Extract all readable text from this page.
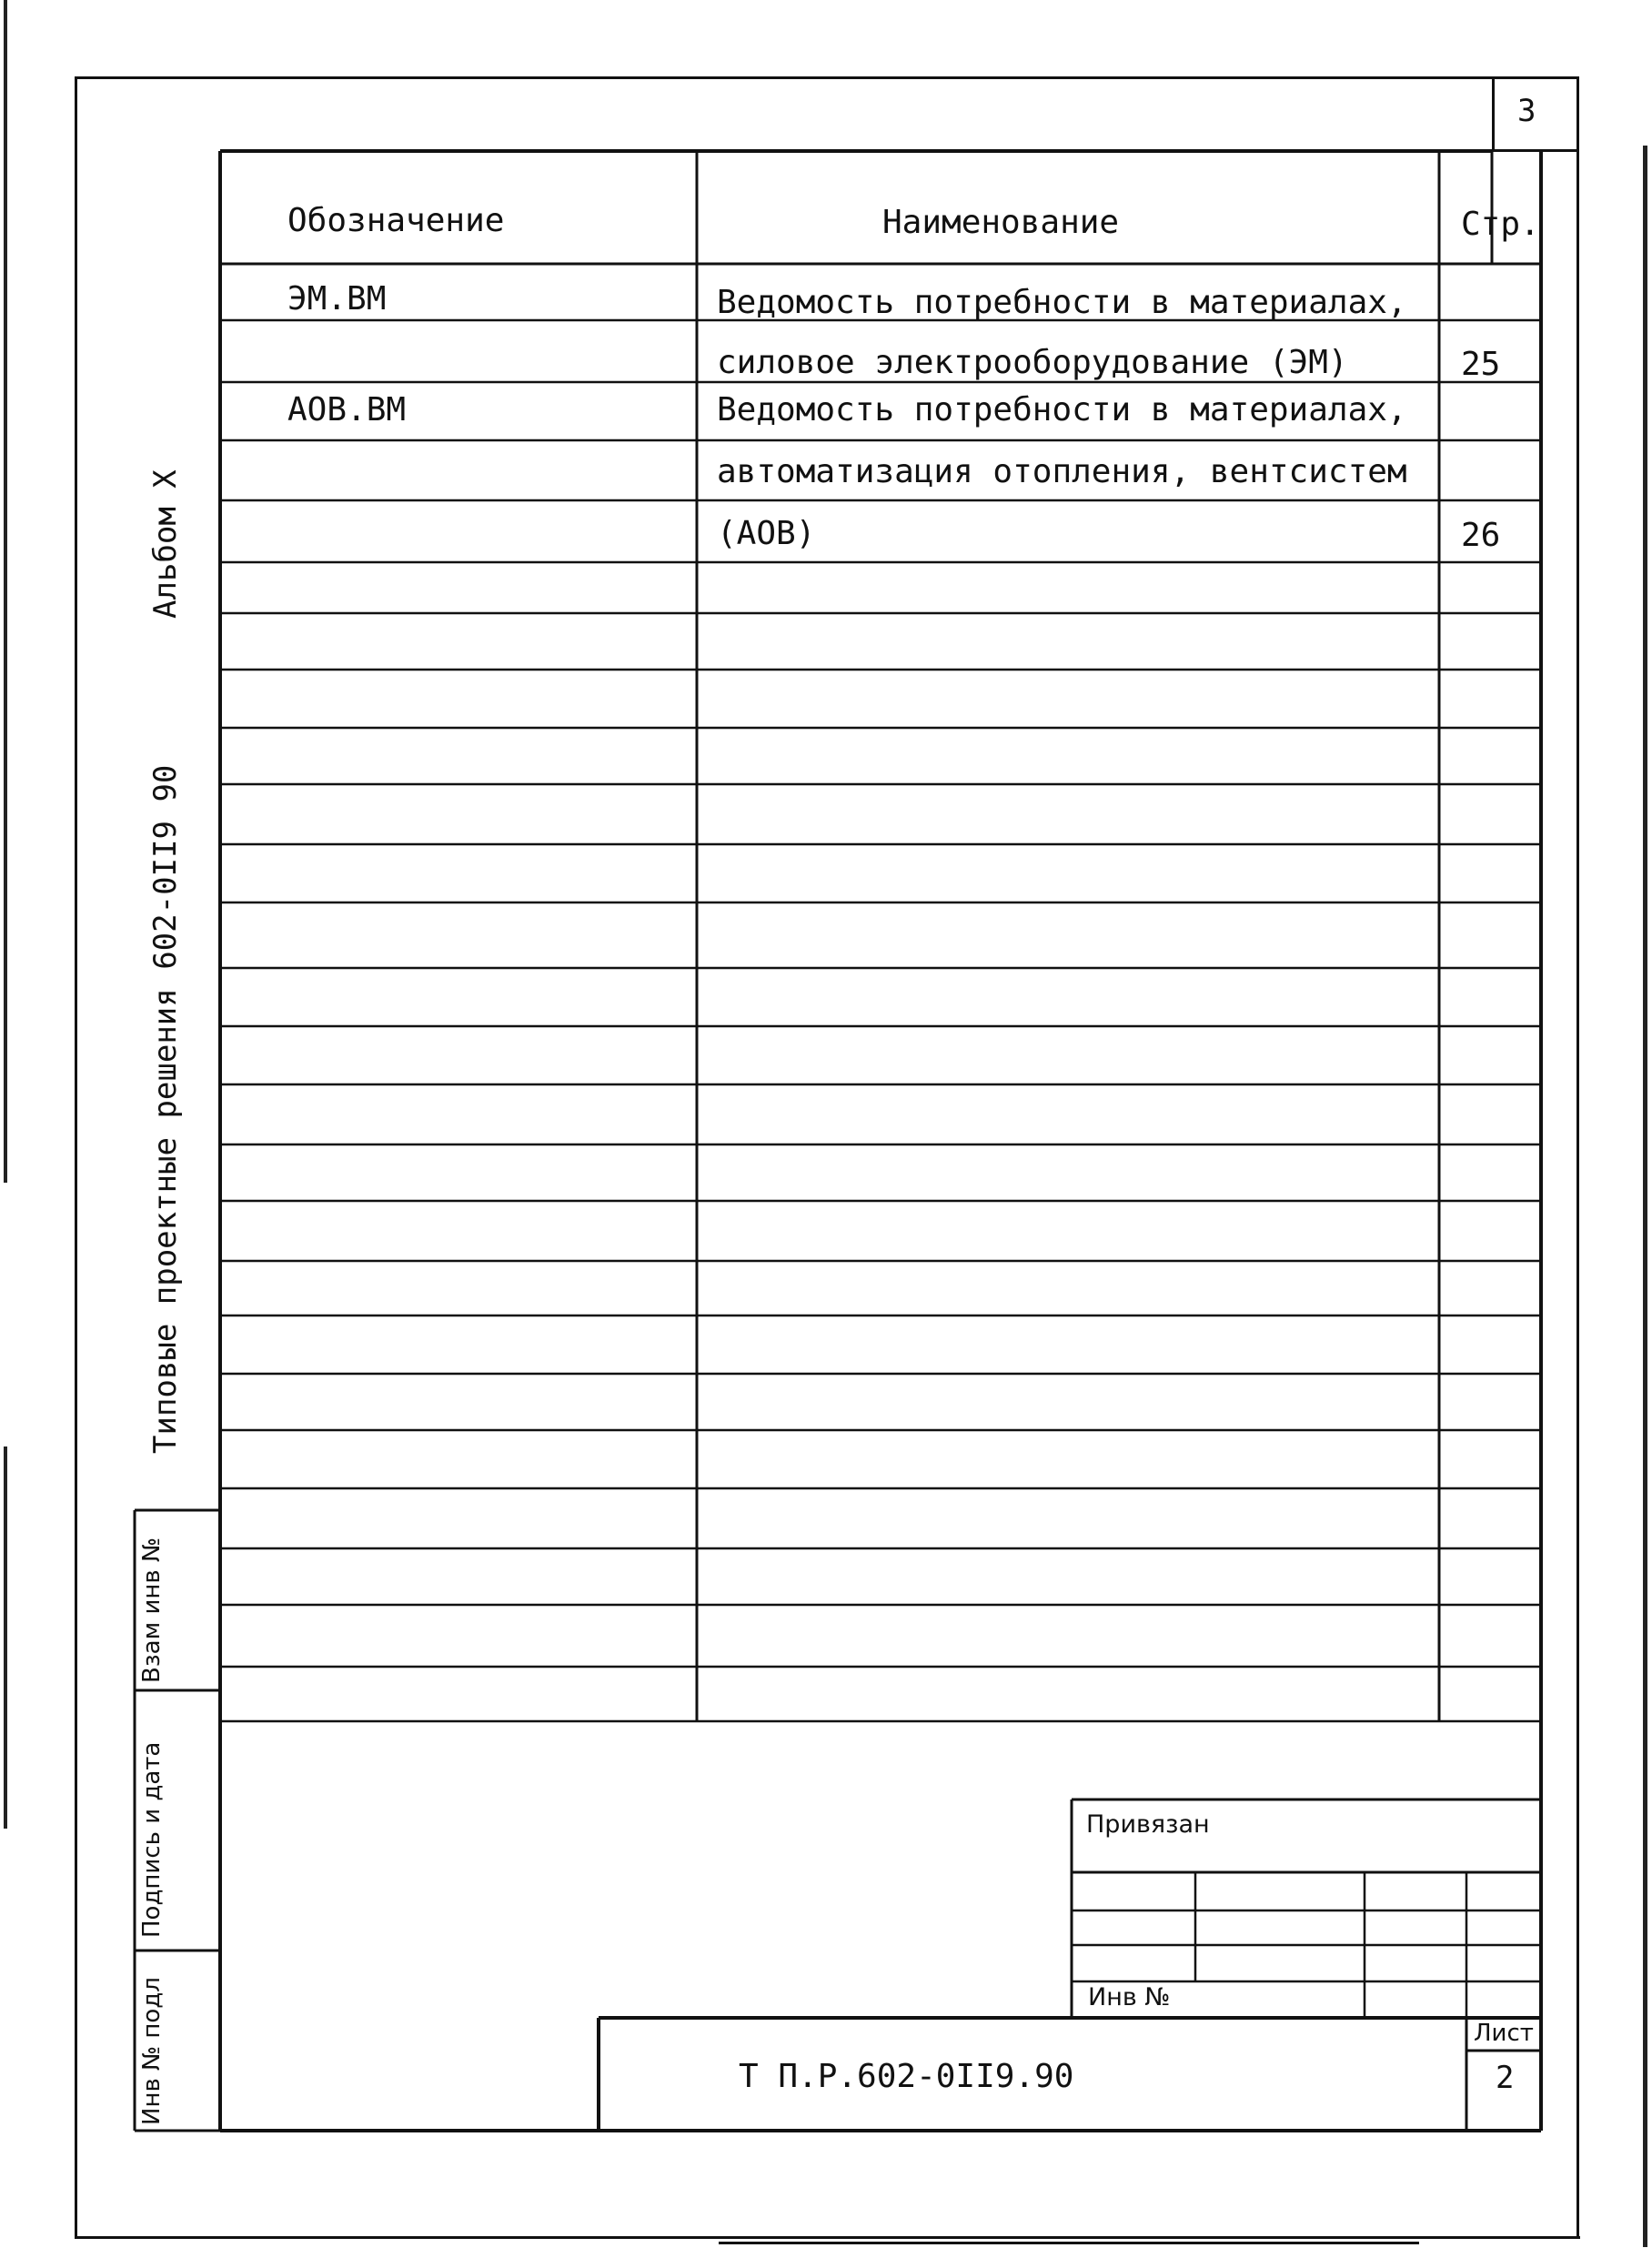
3
Обозначение	Наименование	Стр.
ЭМ.ВМ	Ведомость потребности в материалах,
силовое электрооборудование (ЭМ)	25
АОВ.ВМ	Ведомость потребности в материалах,
автоматизация отопления, вентсистем
(АОВ)	26
Альбом X
Типовые проектные решения 602-0II9 90
Взам инв №
Подпись и дата
Инв № подл
Привязан
Инв №
Т П.Р.602-0II9.90
Лист
2
